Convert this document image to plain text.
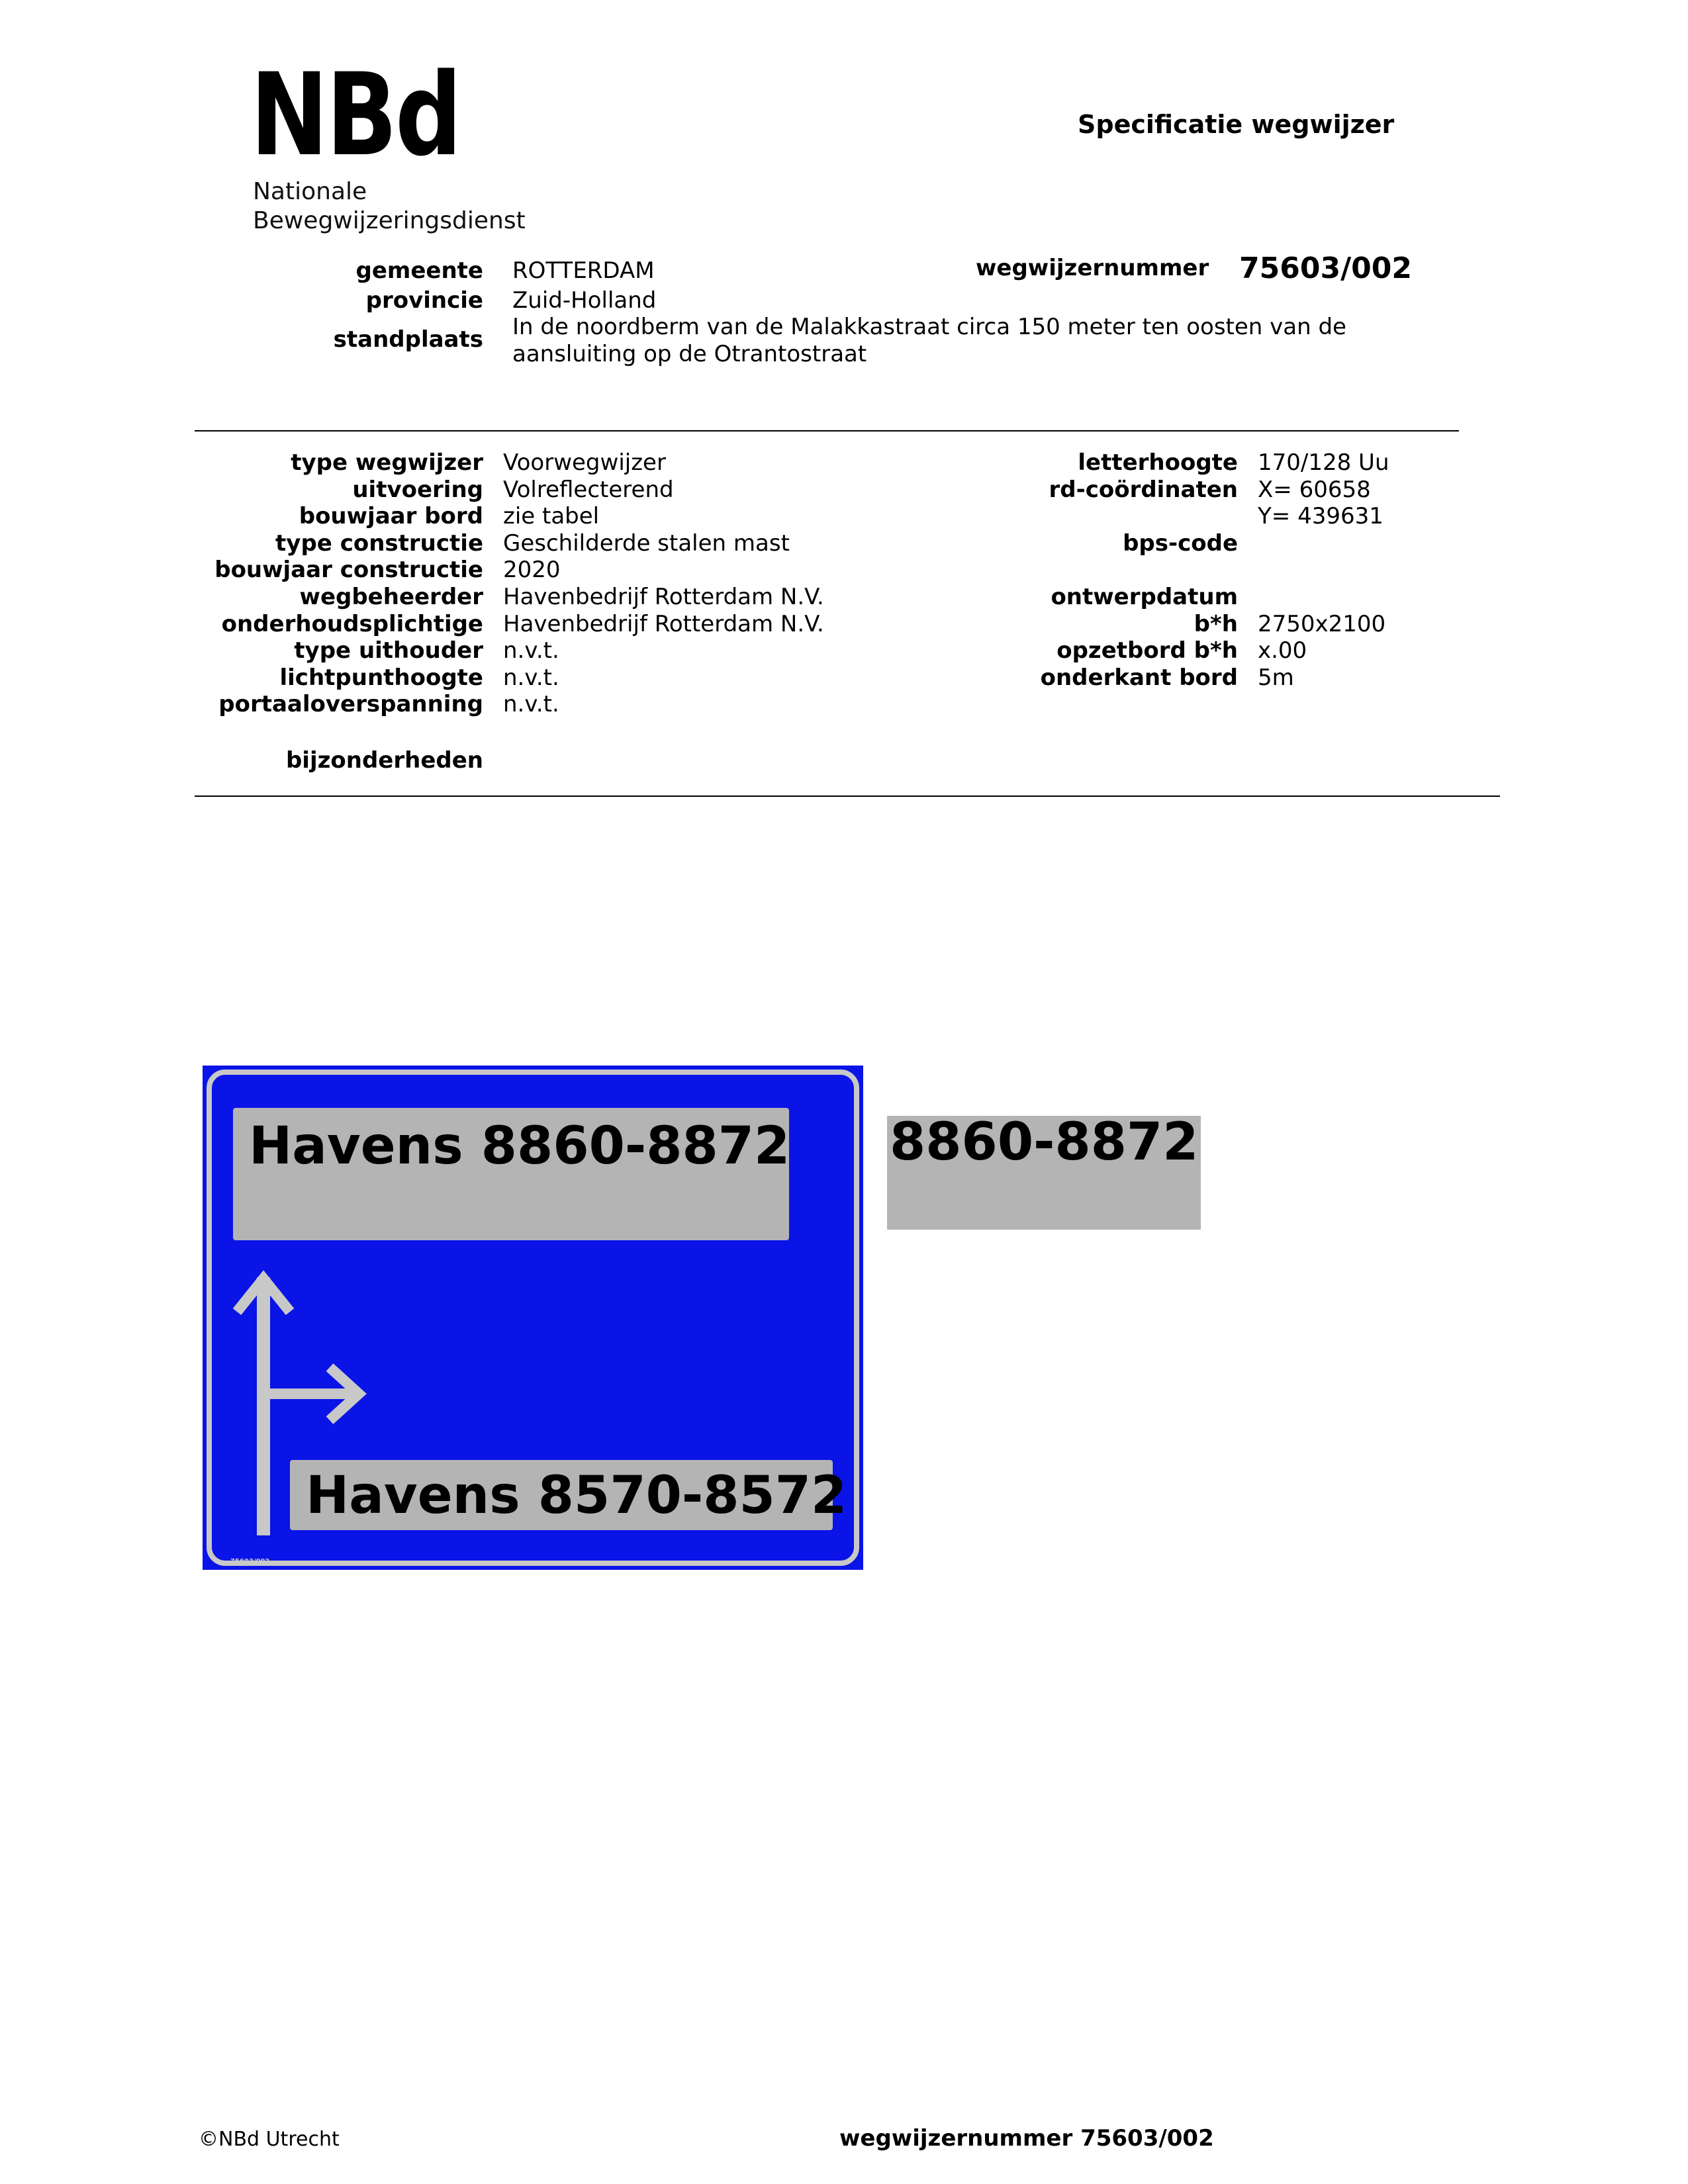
NBd
Nationale
Bewegwijzeringsdienst
Specificatie wegwijzer
gemeente ROTTERDAM
provincie Zuid-Holland
standplaats In de noordberm van de Malakkastraat circa 150 meter ten oosten van de
aansluiting op de Otrantostraat
wegwijzernummer 75603/002
type wegwijzer Voorwegwijzer
uitvoering Volreflecterend
bouwjaar bord zie tabel
type constructie Geschilderde stalen mast
bouwjaar constructie 2020
wegbeheerder Havenbedrijf Rotterdam N.V.
onderhoudsplichtige Havenbedrijf Rotterdam N.V.
type uithouder n.v.t.
lichtpunthoogte n.v.t.
portaaloverspanning n.v.t.
bijzonderheden
letterhoogte 170/128 Uu
rd-coördinaten X= 60658
Y= 439631
bps-code
ontwerpdatum
b*h 2750x2100
opzetbord b*h x.00
onderkant bord 5m
Havens 8860-8872
Havens 8570-8572
75603/002
8860-8872
©NBd Utrecht	wegwijzernummer 75603/002
